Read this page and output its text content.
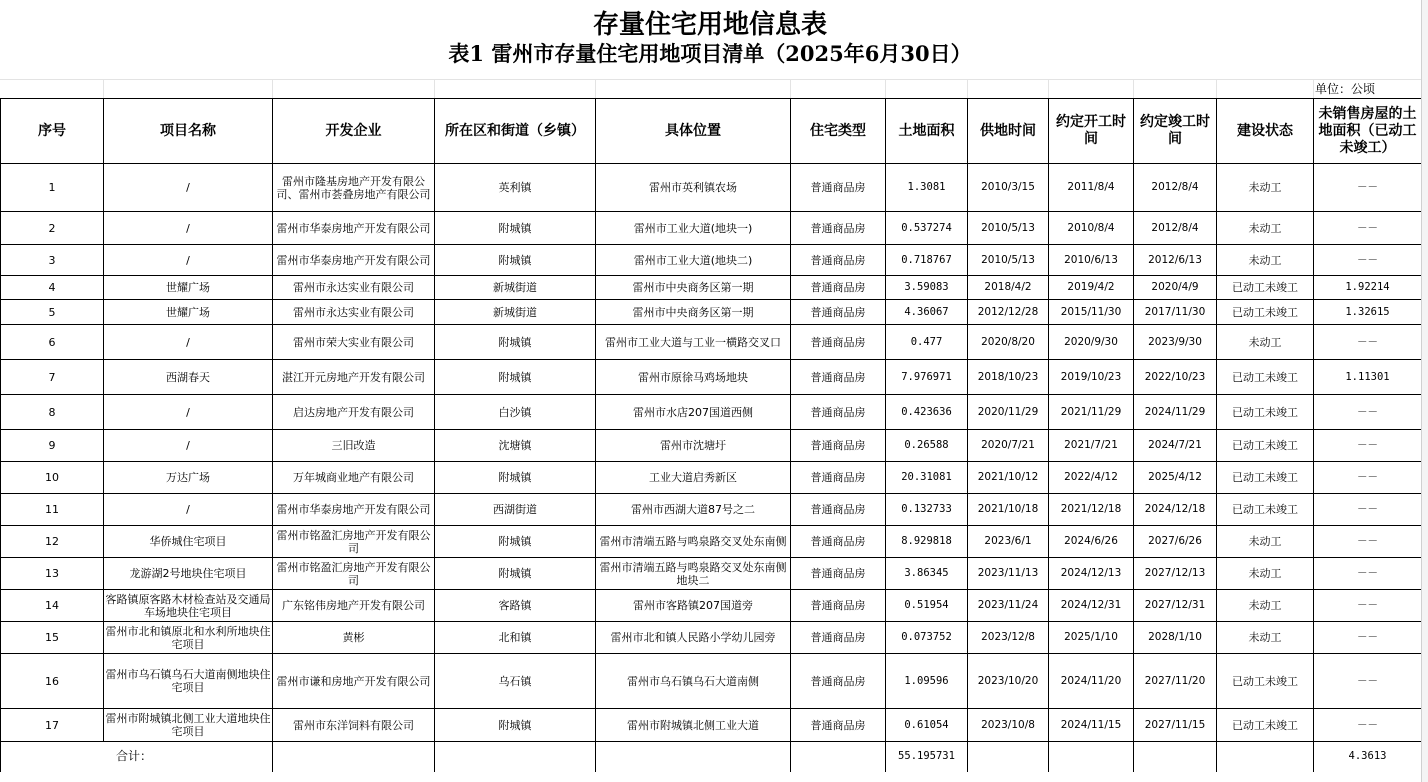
存量住宅用地信息表
表1 雷州市存量住宅用地项目清单（2025年6月30日）
单位：公顷
序号	项目名称	开发企业	所在区和街道（乡镇）	具体位置	住宅类型	土地面积	供地时间	约定开工时间	约定竣工时间	建设状态	未销售房屋的土地面积（已动工未竣工）
1	/	雷州市隆基房地产开发有限公司、雷州市荟叠房地产有限公司	英利镇	雷州市英利镇农场	普通商品房	1.3081	2010/3/15	2011/8/4	2012/8/4	未动工	－－
2	/	雷州市华泰房地产开发有限公司	附城镇	雷州市工业大道(地块一)	普通商品房	0.537274	2010/5/13	2010/8/4	2012/8/4	未动工	－－
3	/	雷州市华泰房地产开发有限公司	附城镇	雷州市工业大道(地块二)	普通商品房	0.718767	2010/5/13	2010/6/13	2012/6/13	未动工	－－
4	世耀广场	雷州市永达实业有限公司	新城街道	雷州市中央商务区第一期	普通商品房	3.59083	2018/4/2	2019/4/2	2020/4/9	已动工未竣工	1.92214
5	世耀广场	雷州市永达实业有限公司	新城街道	雷州市中央商务区第一期	普通商品房	4.36067	2012/12/28	2015/11/30	2017/11/30	已动工未竣工	1.32615
6	/	雷州市荣大实业有限公司	附城镇	雷州市工业大道与工业一横路交叉口	普通商品房	0.477	2020/8/20	2020/9/30	2023/9/30	未动工	－－
7	西湖春天	湛江开元房地产开发有限公司	附城镇	雷州市原徐马鸡场地块	普通商品房	7.976971	2018/10/23	2019/10/23	2022/10/23	已动工未竣工	1.11301
8	/	启达房地产开发有限公司	白沙镇	雷州市水店207国道西侧	普通商品房	0.423636	2020/11/29	2021/11/29	2024/11/29	已动工未竣工	－－
9	/	三旧改造	沈塘镇	雷州市沈塘圩	普通商品房	0.26588	2020/7/21	2021/7/21	2024/7/21	已动工未竣工	－－
10	万达广场	万年城商业地产有限公司	附城镇	工业大道启秀新区	普通商品房	20.31081	2021/10/12	2022/4/12	2025/4/12	已动工未竣工	－－
11	/	雷州市华泰房地产开发有限公司	西湖街道	雷州市西湖大道87号之二	普通商品房	0.132733	2021/10/18	2021/12/18	2024/12/18	已动工未竣工	－－
12	华侨城住宅项目	雷州市铭盈汇房地产开发有限公司	附城镇	雷州市清端五路与鸣泉路交叉处东南侧	普通商品房	8.929818	2023/6/1	2024/6/26	2027/6/26	未动工	－－
13	龙游湖2号地块住宅项目	雷州市铭盈汇房地产开发有限公司	附城镇	雷州市清端五路与鸣泉路交叉处东南侧地块二	普通商品房	3.86345	2023/11/13	2024/12/13	2027/12/13	未动工	－－
14	客路镇原客路木材检查站及交通局车场地块住宅项目	广东铭伟房地产开发有限公司	客路镇	雷州市客路镇207国道旁	普通商品房	0.51954	2023/11/24	2024/12/31	2027/12/31	未动工	－－
15	雷州市北和镇原北和水利所地块住宅项目	黄彬	北和镇	雷州市北和镇人民路小学幼儿园旁	普通商品房	0.073752	2023/12/8	2025/1/10	2028/1/10	未动工	－－
16	雷州市乌石镇乌石大道南侧地块住宅项目	雷州市谦和房地产开发有限公司	乌石镇	雷州市乌石镇乌石大道南侧	普通商品房	1.09596	2023/10/20	2024/11/20	2027/11/20	已动工未竣工	－－
17	雷州市附城镇北侧工业大道地块住宅项目	雷州市东洋饲料有限公司	附城镇	雷州市附城镇北侧工业大道	普通商品房	0.61054	2023/10/8	2024/11/15	2027/11/15	已动工未竣工	－－
合计：						55.195731					4.3613
